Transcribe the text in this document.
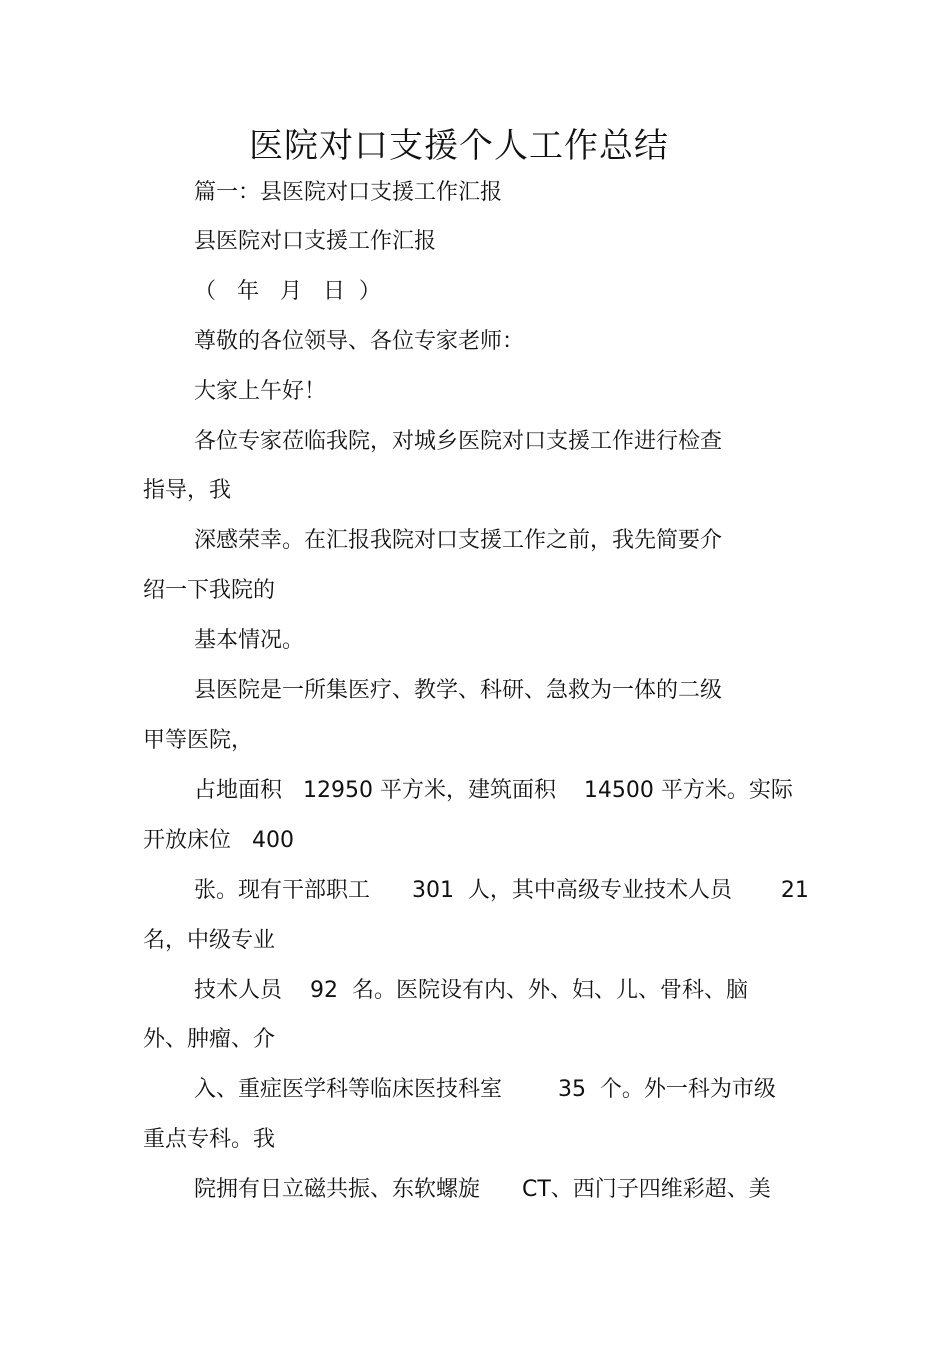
医院对口支援个人工作总结
篇一：县医院对口支援工作汇报
县医院对口支援工作汇报
（   年   月   日  ）
尊敬的各位领导、各位专家老师：
大家上午好！
各位专家莅临我院，对城乡医院对口支援工作进行检查
指导，我
深感荣幸。在汇报我院对口支援工作之前，我先简要介
绍一下我院的
基本情况。
县医院是一所集医疗、教学、科研、急救为一体的二级
甲等医院，
占地面积   12950 平方米，建筑面积    14500 平方米。实际
开放床位   400
张。现有干部职工      301  人，其中高级专业技术人员       21
名，中级专业
技术人员    92  名。医院设有内、外、妇、儿、骨科、脑
外、肿瘤、介
入、重症医学科等临床医技科室        35  个。外一科为市级
重点专科。我
院拥有日立磁共振、东软螺旋      CT、西门子四维彩超、美
